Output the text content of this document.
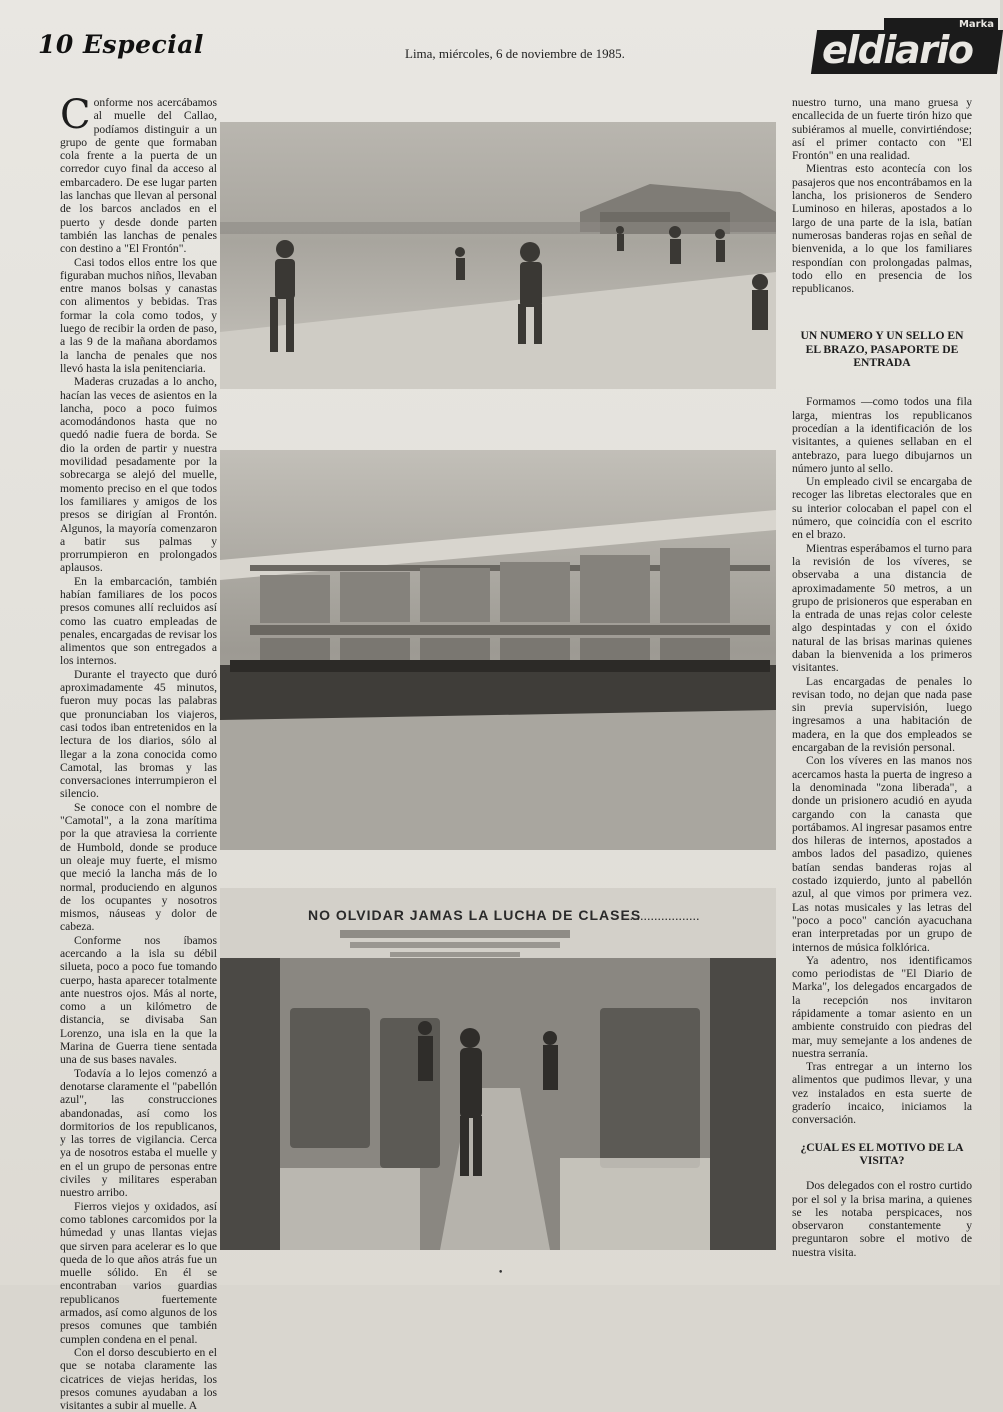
10 Especial	Lima, miércoles, 6 de noviembre de 1985.
Marka
eldiario

Conforme nos acercábamos al muelle del Callao, podíamos distinguir a un grupo de gente que formaban cola frente a la puerta de un corredor cuyo final da acceso al embarcadero. De ese lugar parten las lanchas que llevan al personal de los barcos anclados en el puerto y desde donde parten también las lanchas de penales con destino a "El Frontón".

Casi todos ellos entre los que figuraban muchos niños, llevaban entre manos bolsas y canastas con alimentos y bebidas. Tras formar la cola como todos, y luego de recibir la orden de paso, a las 9 de la mañana abordamos la lancha de penales que nos llevó hasta la isla penitenciaria.

Maderas cruzadas a lo ancho, hacían las veces de asientos en la lancha, poco a poco fuimos acomodándonos hasta que no quedó nadie fuera de borda. Se dio la orden de partir y nuestra movilidad pesadamente por la sobrecarga se alejó del muelle, momento preciso en el que todos los familiares y amigos de los presos se dirigían al Frontón. Algunos, la mayoría comenzaron a batir sus palmas y prorrumpieron en prolongados aplausos.

En la embarcación, también habían familiares de los pocos presos comunes allí recluidos así como las cuatro empleadas de penales, encargadas de revisar los alimentos que son entregados a los internos.

Durante el trayecto que duró aproximadamente 45 minutos, fueron muy pocas las palabras que pronunciaban los viajeros, casi todos iban entretenidos en la lectura de los diarios, sólo al llegar a la zona conocida como Camotal, las bromas y las conversaciones interrumpieron el silencio.

Se conoce con el nombre de "Camotal", a la zona marítima por la que atraviesa la corriente de Humbold, donde se produce un oleaje muy fuerte, el mismo que meció la lancha más de lo normal, produciendo en algunos de los ocupantes y nosotros mismos, náuseas y dolor de cabeza.

Conforme nos íbamos acercando a la isla su débil silueta, poco a poco fue tomando cuerpo, hasta aparecer totalmente ante nuestros ojos. Más al norte, como a un kilómetro de distancia, se divisaba San Lorenzo, una isla en la que la Marina de Guerra tiene sentada una de sus bases navales.

Todavía a lo lejos comenzó a denotarse claramente el "pabellón azul", las construcciones abandonadas, así como los dormitorios de los republicanos, y las torres de vigilancia. Cerca ya de nosotros estaba el muelle y en el un grupo de personas entre civiles y militares esperaban nuestro arribo.

Fierros viejos y oxidados, así como tablones carcomidos por la húmedad y unas llantas viejas que sirven para acelerar es lo que queda de lo que años atrás fue un muelle sólido. En él se encontraban varios guardias republicanos fuertemente armados, así como algunos de los presos comunes que también cumplen condena en el penal.

Con el dorso descubierto en el que se notaba claramente las cicatrices de viejas heridas, los presos comunes ayudaban a los visitantes a subir al muelle. A

NO OLVIDAR JAMAS LA LUCHA DE CLASES
....................

nuestro turno, una mano gruesa y encallecida de un fuerte tirón hizo que subiéramos al muelle, convirtiéndose; así el primer contacto con "El Frontón" en una realidad.

Mientras esto acontecía con los pasajeros que nos encontrábamos en la lancha, los prisioneros de Sendero Luminoso en hileras, apostados a lo largo de una parte de la isla, batían numerosas banderas rojas en señal de bienvenida, a lo que los familiares respondían con prolongadas palmas, todo ello en presencia de los republicanos.

UN NUMERO Y UN SELLO EN EL BRAZO, PASAPORTE DE ENTRADA

Formamos —como todos una fila larga, mientras los republicanos procedían a la identificación de los visitantes, a quienes sellaban en el antebrazo, para luego dibujarnos un número junto al sello.

Un empleado civil se encargaba de recoger las libretas electorales que en su interior colocaban el papel con el número, que coincidía con el escrito en el brazo.

Mientras esperábamos el turno para la revisión de los víveres, se observaba a una distancia de aproximadamente 50 metros, a un grupo de prisioneros que esperaban en la entrada de unas rejas color celeste algo despintadas y con el óxido natural de las brisas marinas quienes daban la bienvenida a los primeros visitantes.

Las encargadas de penales lo revisan todo, no dejan que nada pase sin previa supervisión, luego ingresamos a una habitación de madera, en la que dos empleados se encargaban de la revisión personal.

Con los víveres en las manos nos acercamos hasta la puerta de ingreso a la denominada "zona liberada", a donde un prisionero acudió en ayuda cargando con la canasta que portábamos. Al ingresar pasamos entre dos hileras de internos, apostados a ambos lados del pasadizo, quienes batían sendas banderas rojas al costado izquierdo, junto al pabellón azul, al que vimos por primera vez. Las notas musicales y las letras del "poco a poco" canción ayacuchana eran interpretadas por un grupo de internos de música folklórica.

Ya adentro, nos identificamos como periodistas de "El Diario de Marka", los delegados encargados de la recepción nos invitaron rápidamente a tomar asiento en un ambiente construido con piedras del mar, muy semejante a los andenes de nuestra serranía.

Tras entregar a un interno los alimentos que pudimos llevar, y una vez instalados en esta suerte de graderío incaico, iniciamos la conversación.

¿CUAL ES EL MOTIVO DE LA VISITA?

Dos delegados con el rostro curtido por el sol y la brisa marina, a quienes se les notaba perspicaces, nos observaron constantemente y preguntaron sobre el motivo de nuestra visita.

•
